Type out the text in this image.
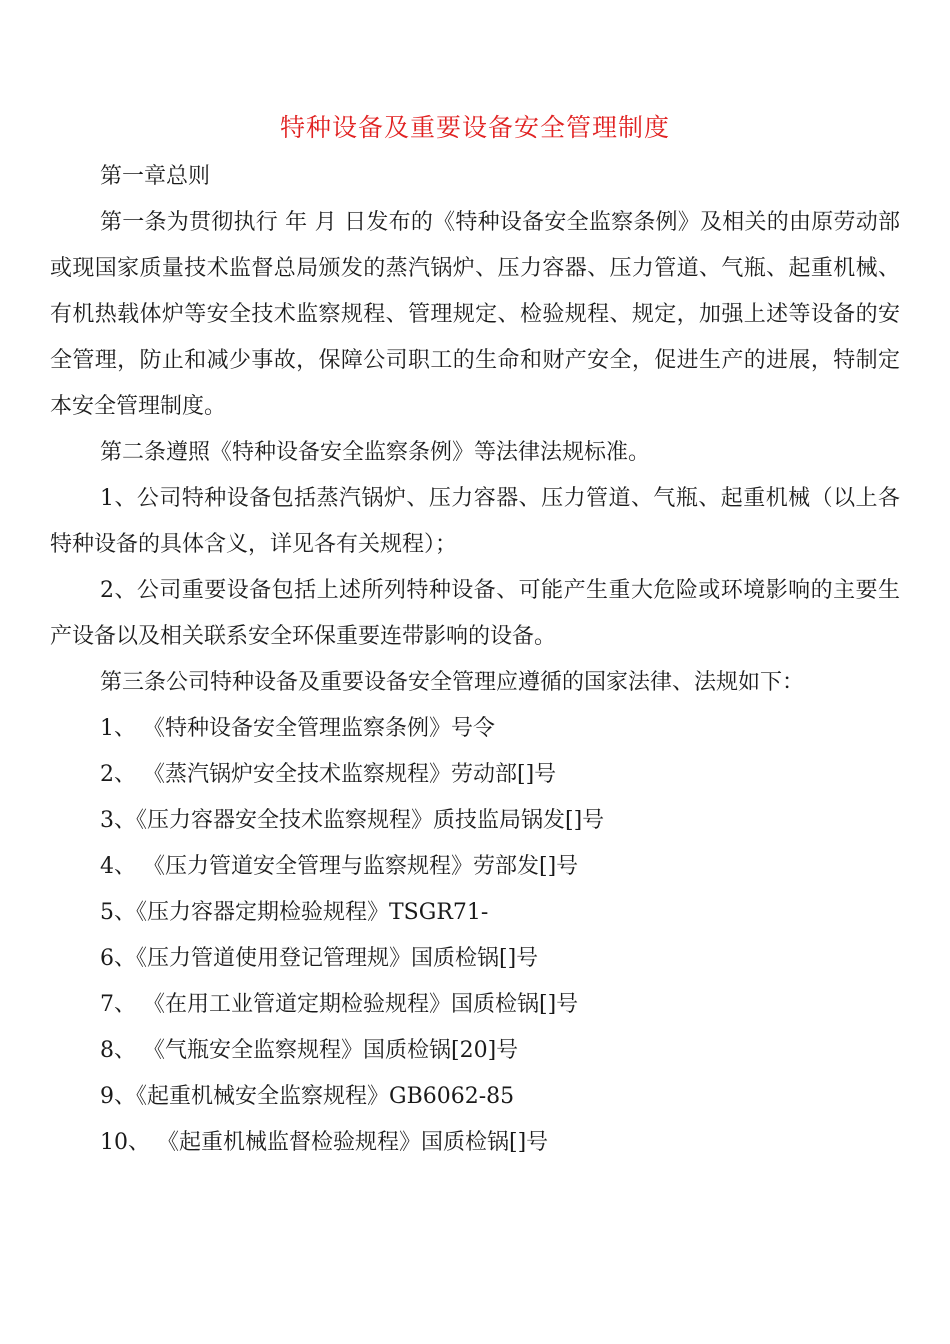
特种设备及重要设备安全管理制度

第一章总则

第一条为贯彻执行 年 月 日发布的《特种设备安全监察条例》及相关的由原劳动部或现国家质量技术监督总局颁发的蒸汽锅炉、压力容器、压力管道、气瓶、起重机械、有机热载体炉等安全技术监察规程、管理规定、检验规程、规定，加强上述等设备的安全管理，防止和减少事故，保障公司职工的生命和财产安全，促进生产的进展，特制定本安全管理制度。

第二条遵照《特种设备安全监察条例》等法律法规标准。

1、公司特种设备包括蒸汽锅炉、压力容器、压力管道、气瓶、起重机械（以上各特种设备的具体含义，详见各有关规程）；

2、公司重要设备包括上述所列特种设备、可能产生重大危险或环境影响的主要生产设备以及相关联系安全环保重要连带影响的设备。

第三条公司特种设备及重要设备安全管理应遵循的国家法律、法规如下：

1、 《特种设备安全管理监察条例》号令

2、 《蒸汽锅炉安全技术监察规程》劳动部[]号

3、《压力容器安全技术监察规程》质技监局锅发[]号

4、 《压力管道安全管理与监察规程》劳部发[]号

5、《压力容器定期检验规程》TSGR71-

6、《压力管道使用登记管理规》国质检锅[]号

7、 《在用工业管道定期检验规程》国质检锅[]号

8、 《气瓶安全监察规程》国质检锅[20]号

9、《起重机械安全监察规程》GB6062-85

10、 《起重机械监督检验规程》国质检锅[]号
